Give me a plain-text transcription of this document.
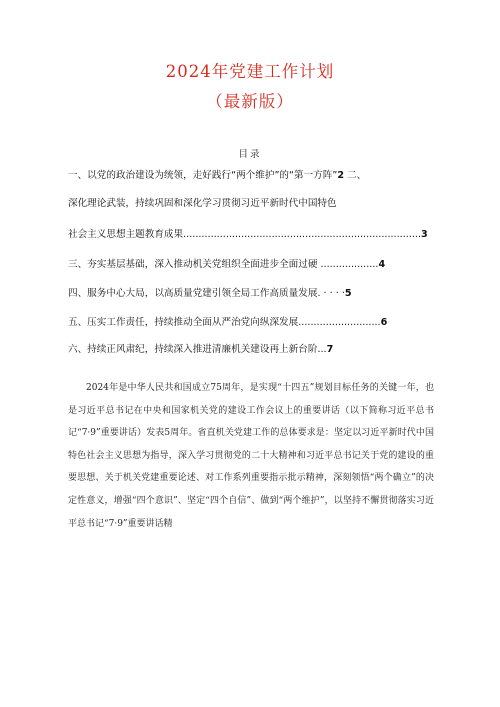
2024年党建工作计划
（最新版）
目录
一、以党的政治建设为统领，走好践行“两个维护”的“第一方阵”2 二、
深化理论武装，持续巩固和深化学习贯彻习近平新时代中国特色
社会主义思想主题教育成果..............................................................................3
三、夯实基层基础，深入推动机关党组织全面进步全面过硬 ...................4
四、服务中心大局，以高质量党建引领全局工作高质量发展. · · · ·5
五、压实工作责任，持续推动全面从严治党向纵深发展...........................6
六、持续正风肃纪，持续深入推进清廉机关建设再上新台阶...7

2024年是中华人民共和国成立75周年，是实现“十四五”规划目标任务的关键一年，也是习近平总书记在中央和国家机关党的建设工作会议上的重要讲话（以下简称习近平总书记“7·9”重要讲话）发表5周年。省直机关党建工作的总体要求是：坚定以习近平新时代中国特色社会主义思想为指导，深入学习贯彻党的二十大精神和习近平总书记关于党的建设的重要思想、关于机关党建重要论述、对工作系列重要指示批示精神，深刻领悟“两个确立”的决定性意义，增强“四个意识”、坚定“四个自信”、做到“两个维护”，以坚持不懈贯彻落实习近平总书记“7·9”重要讲话精
